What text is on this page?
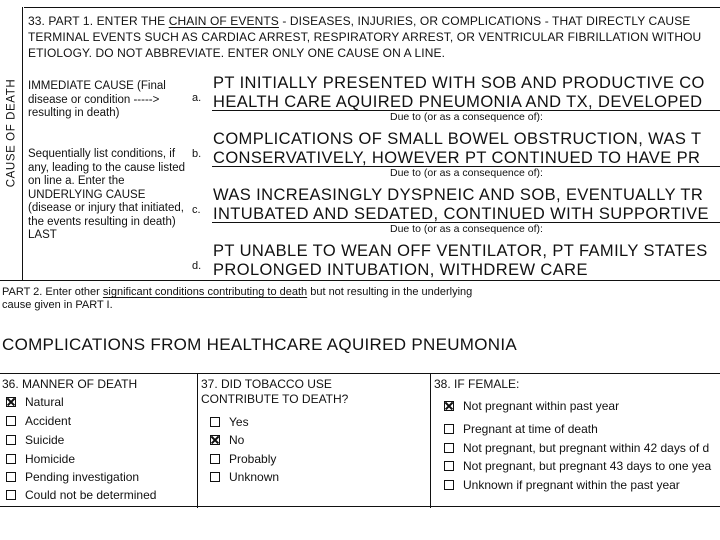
33. PART 1. ENTER THE CHAIN OF EVENTS - DISEASES, INJURIES, OR COMPLICATIONS - THAT DIRECTLY CAUSE
TERMINAL EVENTS SUCH AS CARDIAC ARREST, RESPIRATORY ARREST, OR VENTRICULAR FIBRILLATION WITHOU
ETIOLOGY. DO NOT ABBREVIATE. ENTER ONLY ONE CAUSE ON A LINE.
CAUSE OF DEATH IMMEDIATE CAUSE (Final disease or condition -----> resulting in death)
Sequentially list conditions, if any, leading to the cause listed on line a. Enter the UNDERLYING CAUSE (disease or injury that initiated, the events resulting in death) LAST
a.
PT INITIALLY PRESENTED WITH SOB AND PRODUCTIVE CO
HEALTH CARE AQUIRED PNEUMONIA AND TX, DEVELOPED
Due to (or as a consequence of):
b.
COMPLICATIONS OF SMALL BOWEL OBSTRUCTION, WAS T
CONSERVATIVELY, HOWEVER PT CONTINUED TO HAVE PR
Due to (or as a consequence of):
c.
WAS INCREASINGLY DYSPNEIC AND SOB, EVENTUALLY TR
INTUBATED AND SEDATED, CONTINUED WITH SUPPORTIVE
Due to (or as a consequence of):
d.
PT UNABLE TO WEAN OFF VENTILATOR, PT FAMILY STATES
PROLONGED INTUBATION, WITHDREW CARE
PART 2. Enter other significant conditions contributing to death but not resulting in the underlying
cause given in PART I.
COMPLICATIONS FROM HEALTHCARE AQUIRED PNEUMONIA
36. MANNER OF DEATH
Natural
Accident
Suicide
Homicide
Pending investigation
Could not be determined
37. DID TOBACCO USE
CONTRIBUTE TO DEATH?
Yes
No
Probably
Unknown
38. IF FEMALE:
Not pregnant within past year
Pregnant at time of death
Not pregnant, but pregnant within 42 days of d
Not pregnant, but pregnant 43 days to one yea
Unknown if pregnant within the past year
